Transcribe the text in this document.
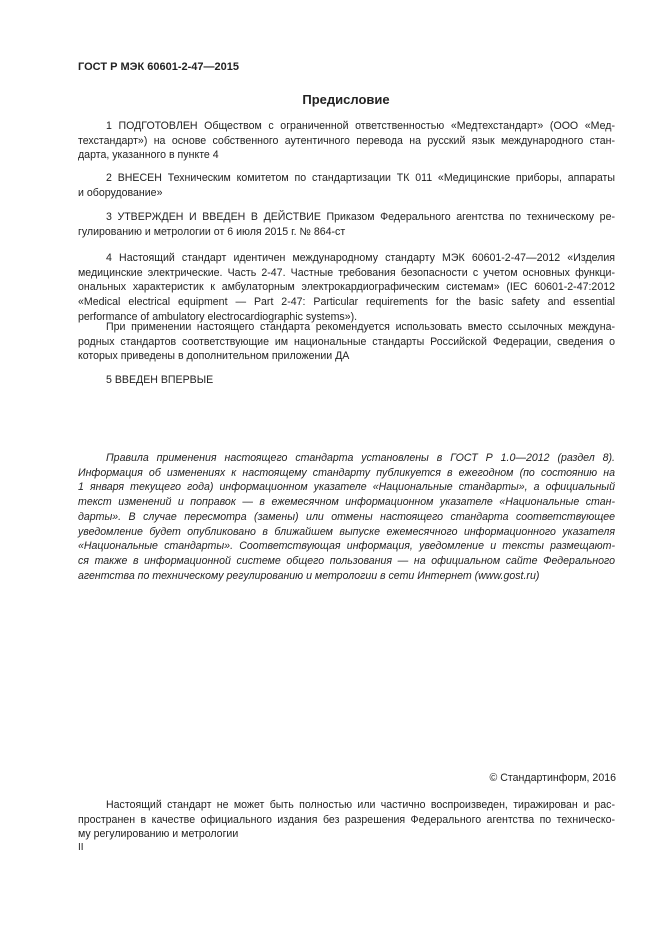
ГОСТ Р МЭК 60601-2-47—2015
Предисловие
1 ПОДГОТОВЛЕН Обществом с ограниченной ответственностью «Медтехстандарт» (ООО «Мед-
техстандарт») на основе собственного аутентичного перевода на русский язык международного стан-
дарта, указанного в пункте 4
2 ВНЕСЕН Техническим комитетом по стандартизации ТК 011 «Медицинские приборы, аппараты
и оборудование»
3 УТВЕРЖДЕН И ВВЕДЕН В ДЕЙСТВИЕ Приказом Федерального агентства по техническому ре-
гулированию и метрологии от 6 июля 2015 г. № 864-ст
4 Настоящий стандарт идентичен международному стандарту МЭК 60601-2-47—2012 «Изделия
медицинские электрические. Часть 2-47. Частные требования безопасности с учетом основных функци-
ональных характеристик к амбулаторным электрокардиографическим системам» (IEC 60601-2-47:2012
«Medical electrical equipment — Part 2-47: Particular requirements for the basic safety and essential
performance of ambulatory electrocardiographic systems»).
При применении настоящего стандарта рекомендуется использовать вместо ссылочных междуна-
родных стандартов соответствующие им национальные стандарты Российской Федерации, сведения о
которых приведены в дополнительном приложении ДА
5 ВВЕДЕН ВПЕРВЫЕ
Правила применения настоящего стандарта установлены в ГОСТ Р 1.0—2012 (раздел 8).
Информация об изменениях к настоящему стандарту публикуется в ежегодном (по состоянию на
1 января текущего года) информационном указателе «Национальные стандарты», а официальный
текст изменений и поправок — в ежемесячном информационном указателе «Национальные стан-
дарты». В случае пересмотра (замены) или отмены настоящего стандарта соответствующее
уведомление будет опубликовано в ближайшем выпуске ежемесячного информационного указателя
«Национальные стандарты». Соответствующая информация, уведомление и тексты размещают-
ся также в информационной системе общего пользования — на официальном сайте Федерального
агентства по техническому регулированию и метрологии в сети Интернет (www.gost.ru)
© Стандартинформ, 2016
Настоящий стандарт не может быть полностью или частично воспроизведен, тиражирован и рас-
пространен в качестве официального издания без разрешения Федерального агентства по техническо-
му регулированию и метрологии
II
